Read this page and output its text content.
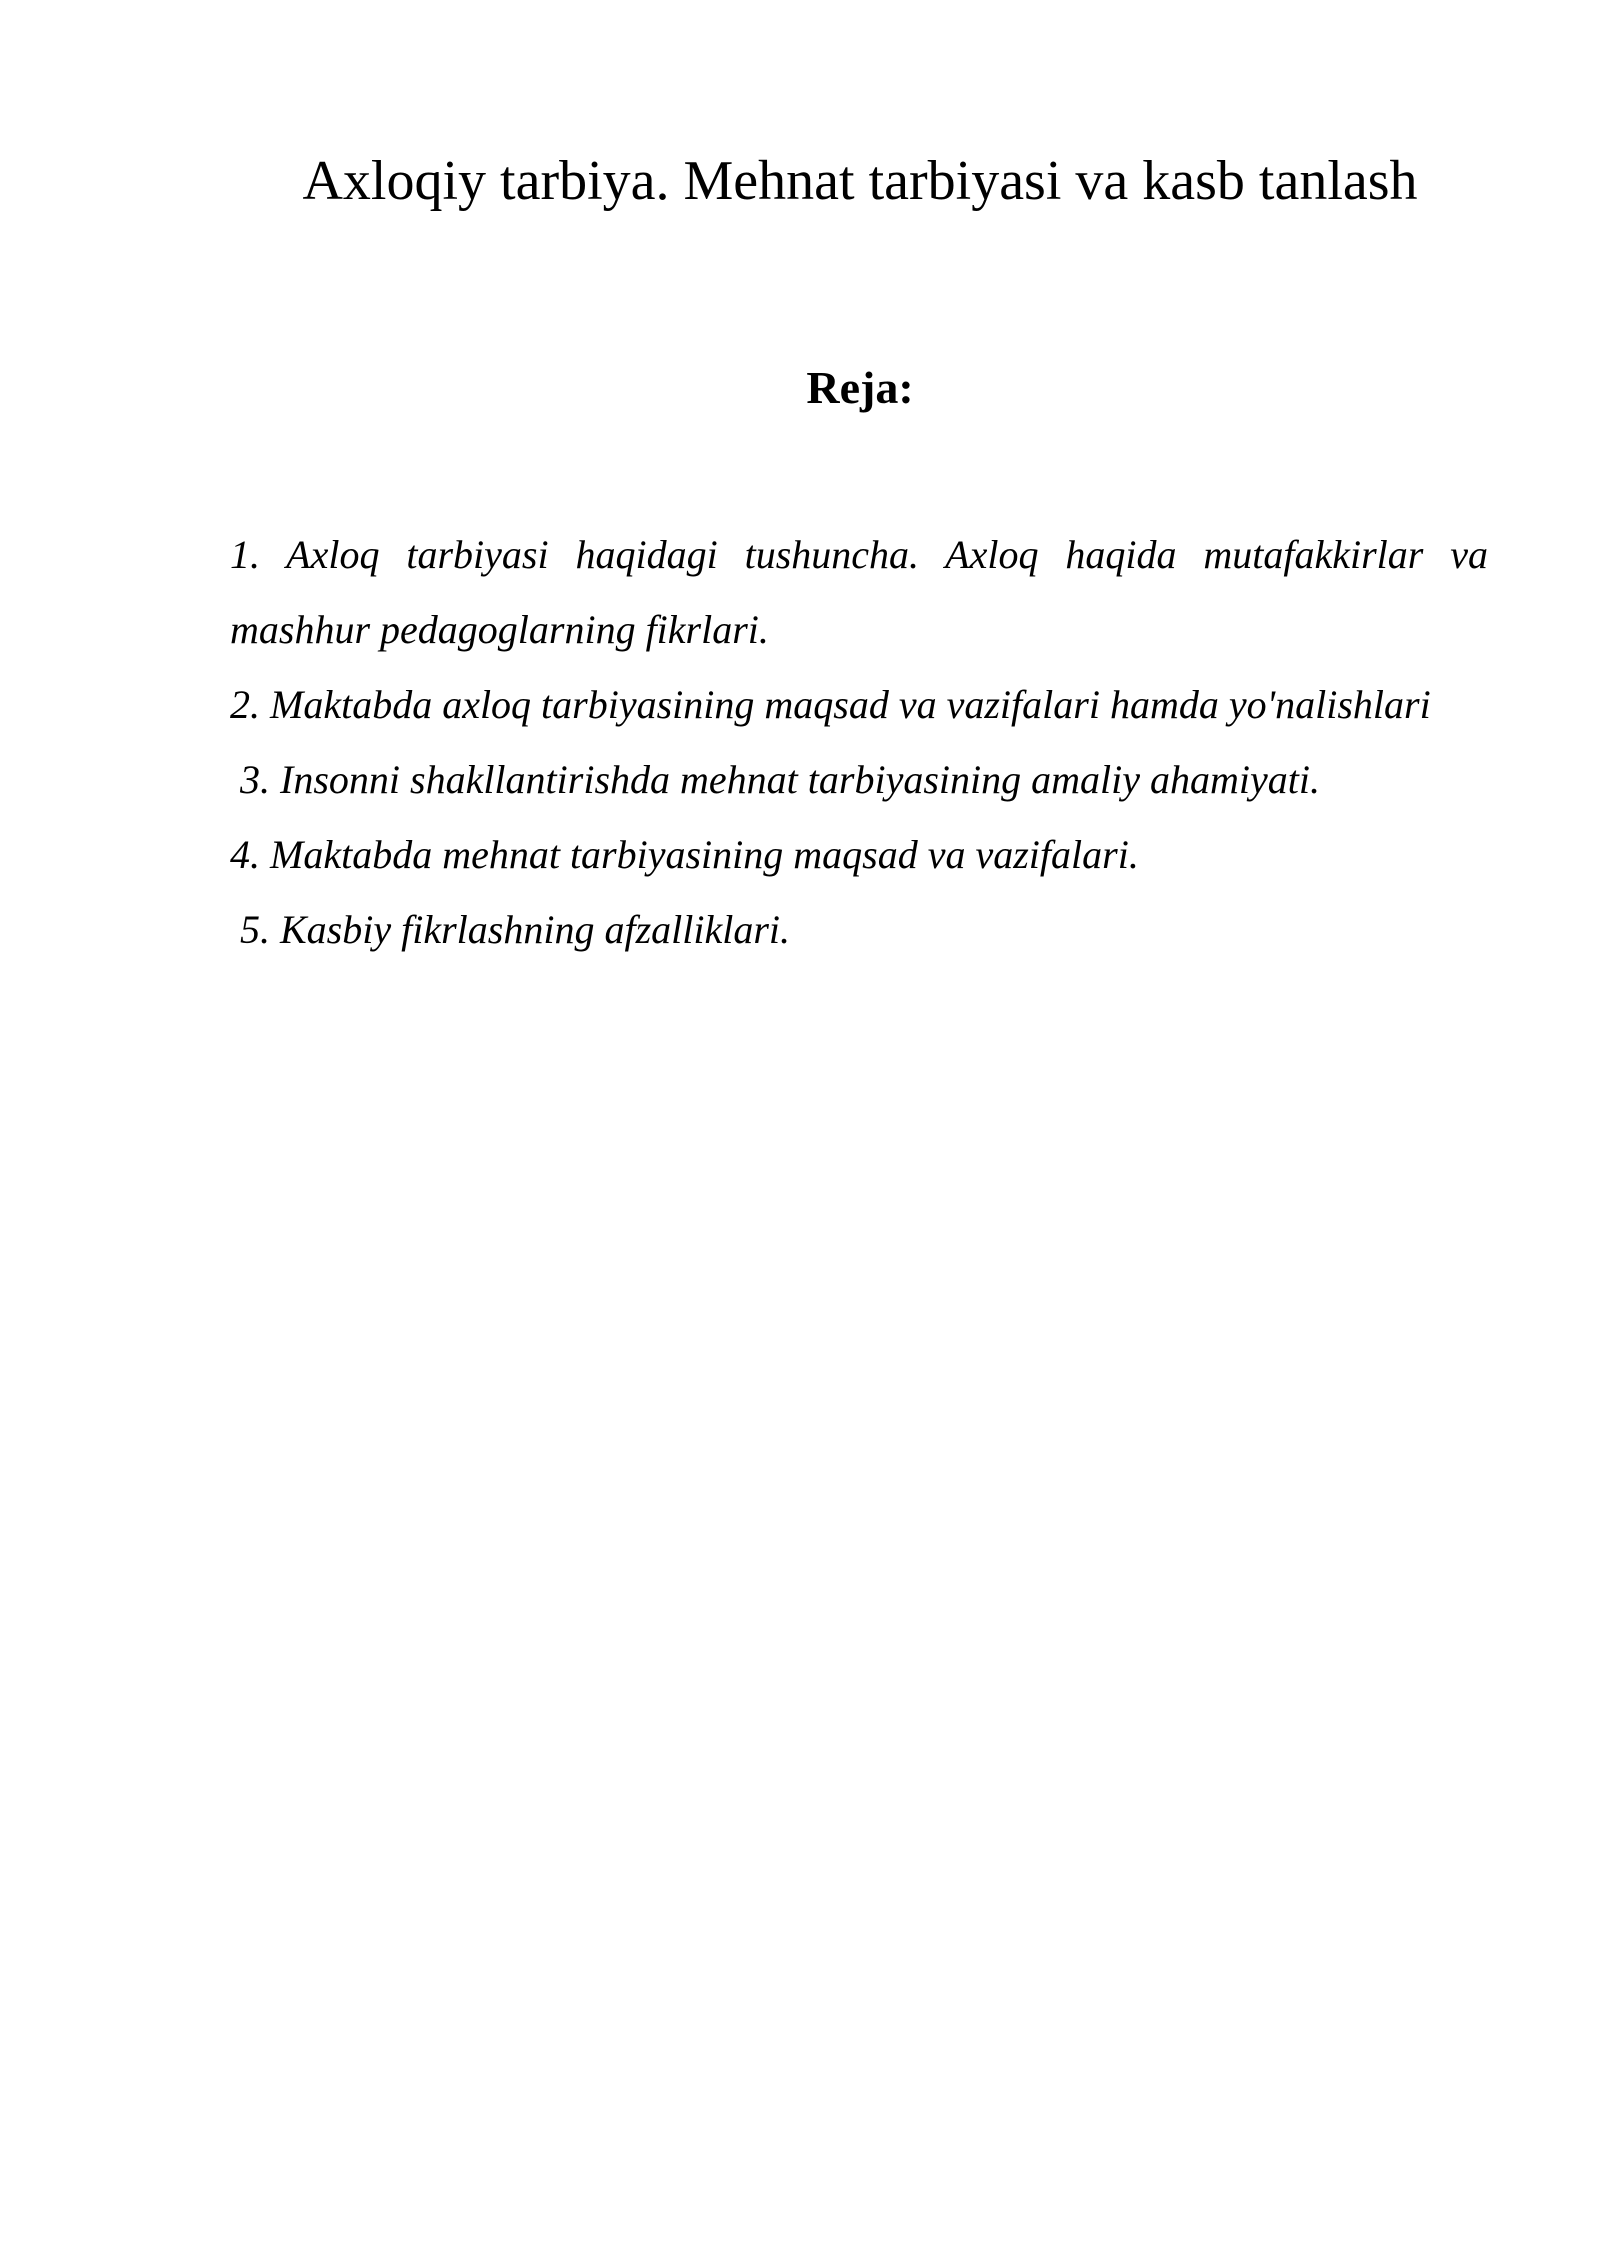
Axloqiy tarbiya. Mehnat tarbiyasi va kasb tanlash
Reja:
1. Axloq tarbiyasi haqidagi tushuncha. Axloq haqida mutafakkirlar va mashhur pedagoglarning fikrlari.
2. Maktabda axloq tarbiyasining maqsad va vazifalari hamda yo'nalishlari
3. Insonni shakllantirishda mehnat tarbiyasining amaliy ahamiyati.
4. Maktabda mehnat tarbiyasining maqsad va vazifalari.
5. Kasbiy fikrlashning afzalliklari.
